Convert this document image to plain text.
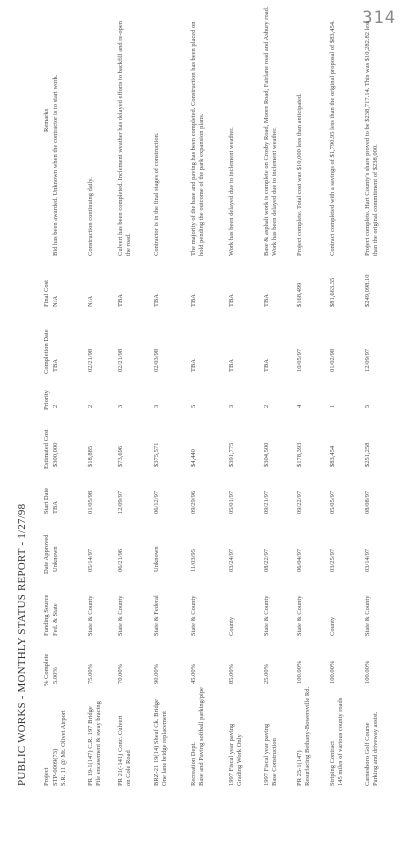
314
PUBLIC WORKS - MONTHLY STATUS REPORT - 1/27/98 Project
% Complete
Funding Source
Date Approved
Start Date
Estimated Cost
Priority
Completion Date
Final Cost
Remarks
STP-0009(73) S.R. 11 @ Mt. Olivet Airport
5.00%
Fed. & State
Unknown
TBA
$300,000
2
TBA
N/A
Bid has been awarded. Unknown when the contractor is to start work.
PR 19-1(147) C.R. 197 Bridge Pile encasement & sway bracing
75.00%
State & County
05/14/97
01/05/98
$18,885
2
02/21/98
N/A
Construction continuing daily.
PR 21(-141) Conc. Culvert on Cole Road
70.00%
State & County
06/21/96
12/09/97
$73,696
3
02/21/98
TBA
Culvert has been completed. Inclement weather has delayed efforts to backfill and re-open the road.
BRZ-21 19(14) Sheaf Ck. Bridge One lane bridge replacement
90.00%
State & Federal
Unknown
06/12/97
$375,571
3
02/03/98
TBA
Contractor is in the final stages of construction.
Recreation Dept. Base and Paving softball parking/pipe
45.00%
State & County
11/03/95
09/29/96
$4,440
5
TBA
TBA
The majority of the base and paving has been completed. Construction has been placed on hold pending the outcome of the park expansion plans.
1997 Fiscal year paving Grading Work Only
85.00%
County
03/24/97
05/01/97
$391,775
3
TBA
TBA
Work has been delayed due to inclement weather.
1997 Fiscal year paving Base Construction
25.00%
State & County
08/22/97
09/21/97
$304,500
2
TBA
TBA
Base & asphalt work is complete on Crosby Road, Moore Road, Fairlane road and Asbury road. Work has been delayed due to inclement weather.
PR 25-1(147) Resurfacing Bethany-Bowersville Rd.
100.00%
State & County
06/04/97
09/22/97
$178,393
4
10/05/97
$168,499
Project complete. Total cost was $10,000 less than anticipated.
Striping Contract 145 miles of various county roads
100.00%
County
03/25/97
05/05/97
$83,454
1
01/02/98
$81,663.35
Contract completed with a savings of $1,790.95 less than the original proposal of $83,454.
Carnesboro Golf Course Parking and driveway assist.
100.00%
State & County
03/14/97
08/08/97
$251,258
5
12/09/97
$249,098.10
Project complete. Hart County's share proved to be $238,717.14. This was $10,282.82 less than the original commitment of $238,000.
